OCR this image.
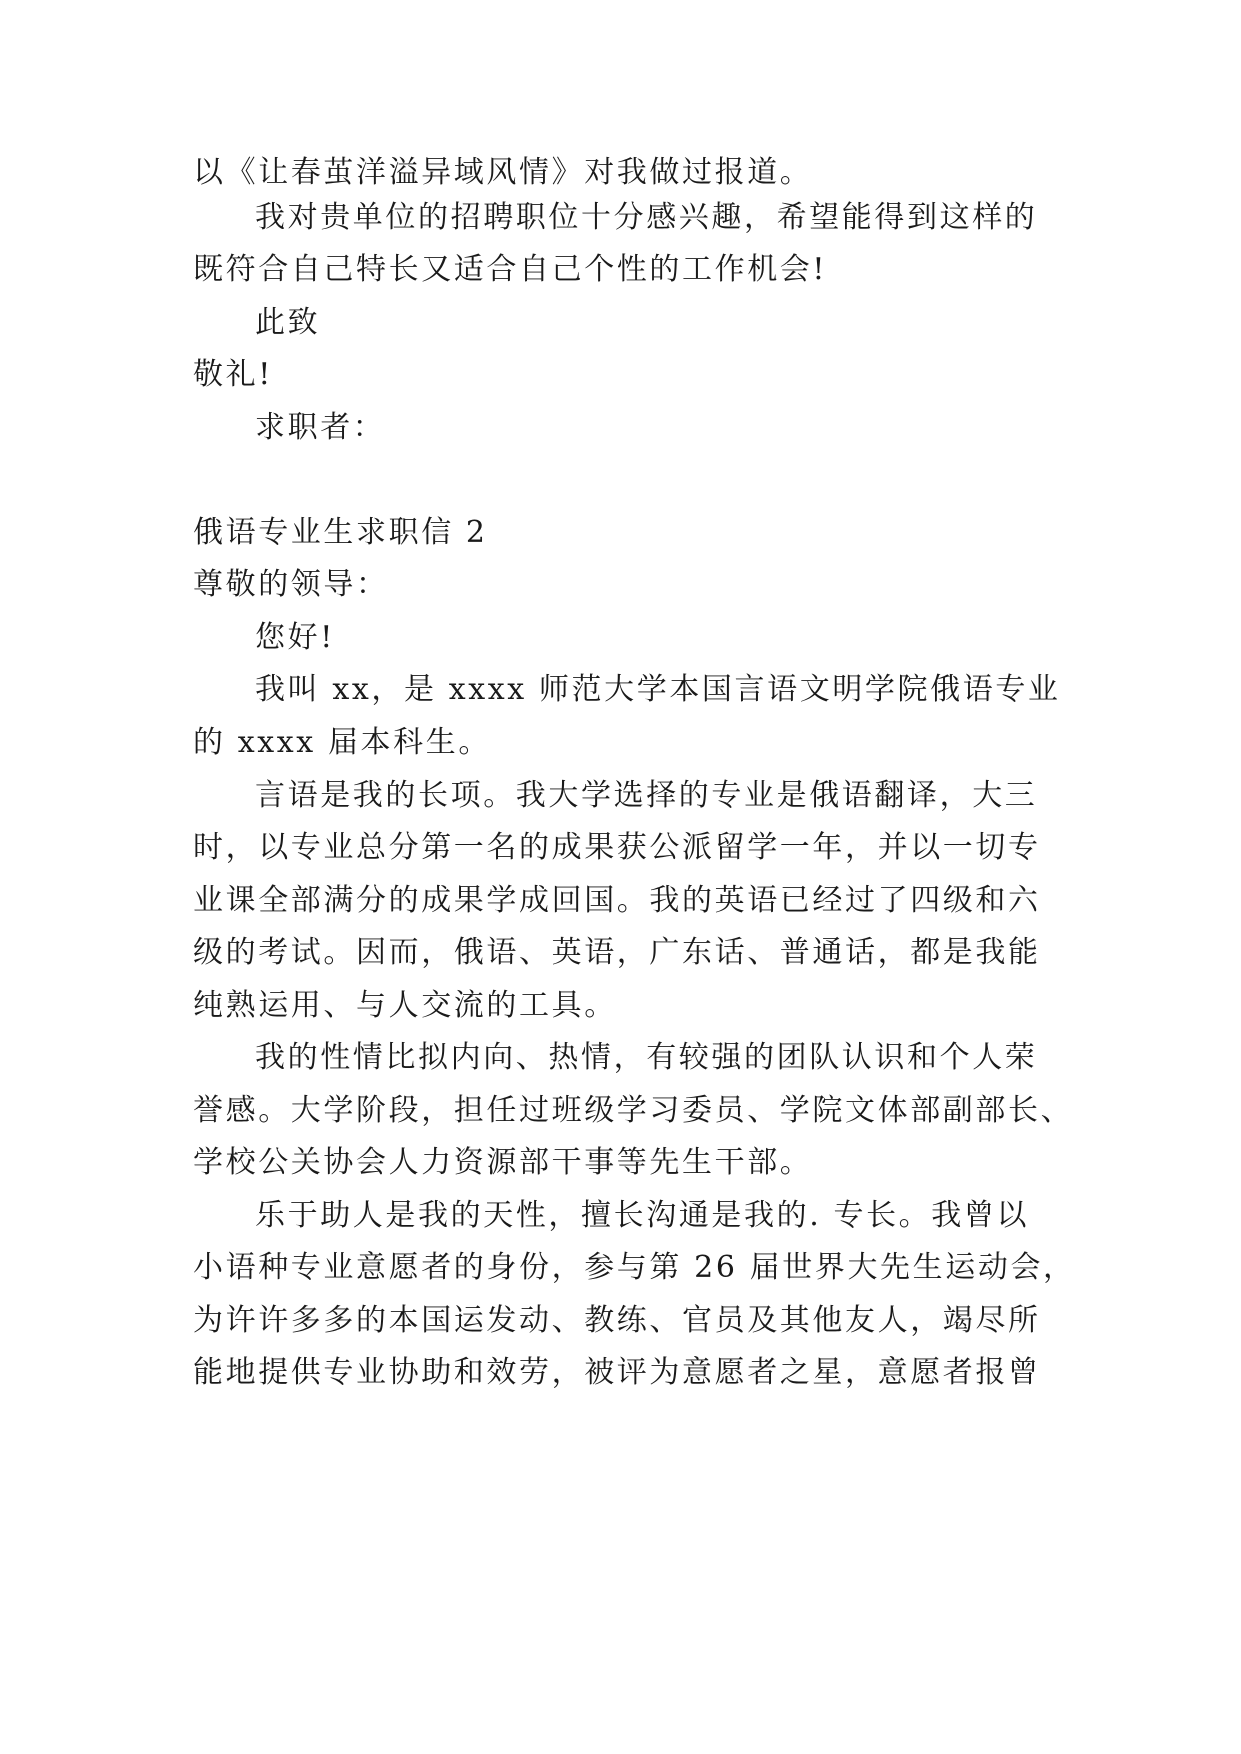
以《让春茧洋溢异域风情》对我做过报道。

我对贵单位的招聘职位十分感兴趣，希望能得到这样的

既符合自己特长又适合自己个性的工作机会!

此致

敬礼!

求职者：

俄语专业生求职信 2

尊敬的领导：

您好!

我叫 xx，是 xxxx 师范大学本国言语文明学院俄语专业

的 xxxx 届本科生。

言语是我的长项。我大学选择的专业是俄语翻译，大三

时，以专业总分第一名的成果获公派留学一年，并以一切专

业课全部满分的成果学成回国。我的英语已经过了四级和六

级的考试。因而，俄语、英语，广东话、普通话，都是我能

纯熟运用、与人交流的工具。

我的性情比拟内向、热情，有较强的团队认识和个人荣

誉感。大学阶段，担任过班级学习委员、学院文体部副部长、

学校公关协会人力资源部干事等先生干部。

乐于助人是我的天性，擅长沟通是我的. 专长。我曾以

小语种专业意愿者的身份，参与第 26 届世界大先生运动会，

为许许多多的本国运发动、教练、官员及其他友人，竭尽所

能地提供专业协助和效劳，被评为意愿者之星，意愿者报曾
